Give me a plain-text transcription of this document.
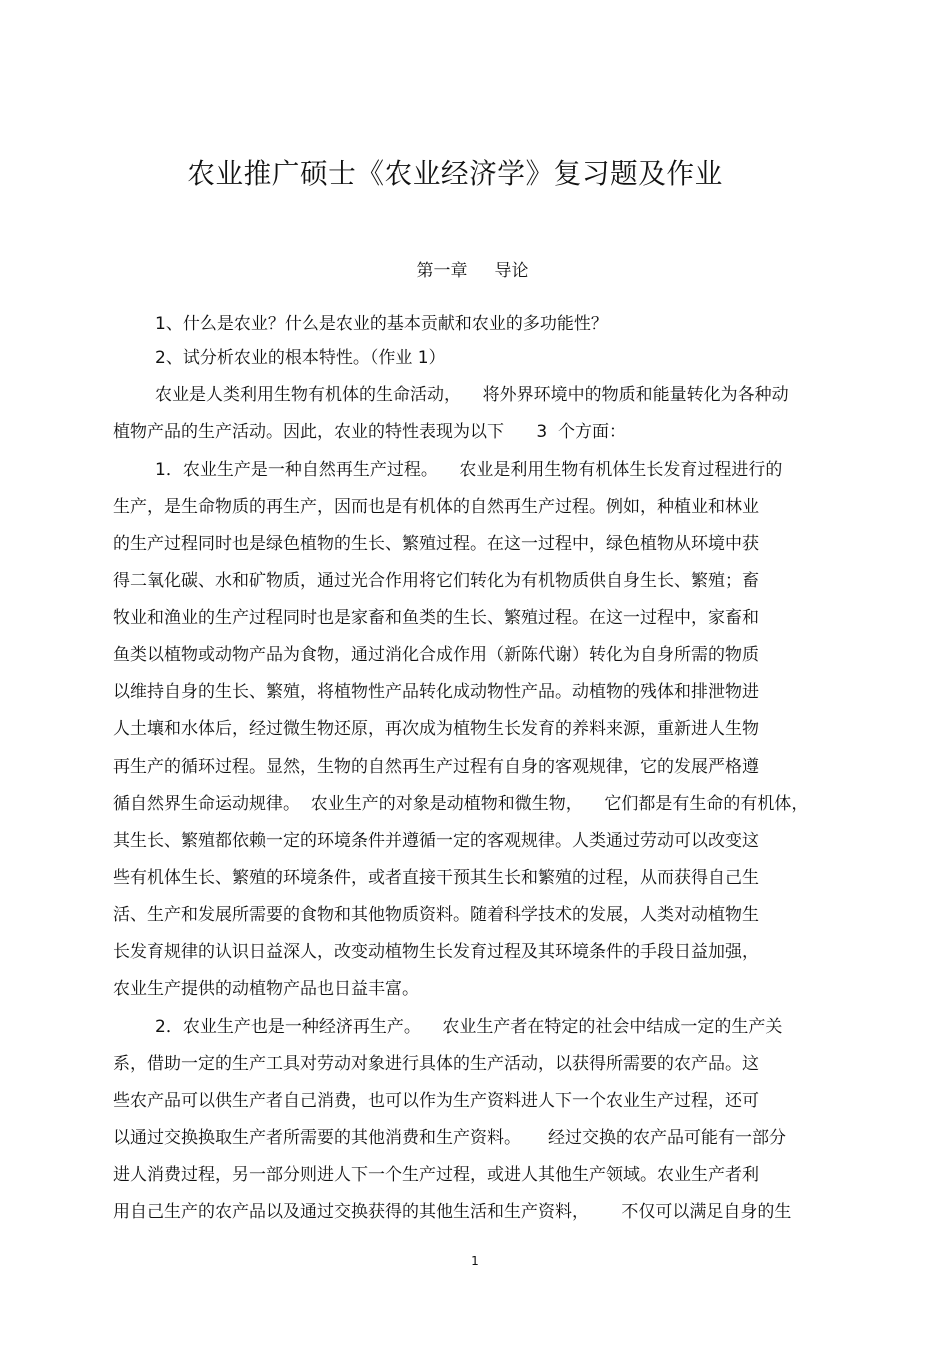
农业推广硕士《农业经济学》复习题及作业
第一章     导论
1、什么是农业？什么是农业的基本贡献和农业的多功能性？
2、试分析农业的根本特性。（作业 1）
农业是人类利用生物有机体的生命活动，    将外界环境中的物质和能量转化为各种动
植物产品的生产活动。因此，农业的特性表现为以下      3  个方面：
1．农业生产是一种自然再生产过程。    农业是利用生物有机体生长发育过程进行的
生产，是生命物质的再生产，因而也是有机体的自然再生产过程。例如，种植业和林业
的生产过程同时也是绿色植物的生长、繁殖过程。在这一过程中，绿色植物从环境中获
得二氧化碳、水和矿物质，通过光合作用将它们转化为有机物质供自身生长、繁殖；畜
牧业和渔业的生产过程同时也是家畜和鱼类的生长、繁殖过程。在这一过程中，家畜和
鱼类以植物或动物产品为食物，通过消化合成作用（新陈代谢）转化为自身所需的物质
以维持自身的生长、繁殖，将植物性产品转化成动物性产品。动植物的残体和排泄物进
人土壤和水体后，经过微生物还原，再次成为植物生长发育的养料来源，重新进人生物
再生产的循环过程。显然，生物的自然再生产过程有自身的客观规律，它的发展严格遵
循自然界生命运动规律。  农业生产的对象是动植物和微生物，    它们都是有生命的有机体，
其生长、繁殖都依赖一定的环境条件并遵循一定的客观规律。人类通过劳动可以改变这
些有机体生长、繁殖的环境条件，或者直接干预其生长和繁殖的过程，从而获得自己生
活、生产和发展所需要的食物和其他物质资料。随着科学技术的发展，人类对动植物生
长发育规律的认识日益深人，改变动植物生长发育过程及其环境条件的手段日益加强，
农业生产提供的动植物产品也日益丰富。
2．农业生产也是一种经济再生产。    农业生产者在特定的社会中结成一定的生产关
系，借助一定的生产工具对劳动对象进行具体的生产活动，以获得所需要的农产品。这
些农产品可以供生产者自己消费，也可以作为生产资料进人下一个农业生产过程，还可
以通过交换换取生产者所需要的其他消费和生产资料。     经过交换的农产品可能有一部分
进人消费过程，另一部分则进人下一个生产过程，或进人其他生产领域。农业生产者利
用自己生产的农产品以及通过交换获得的其他生活和生产资料，      不仅可以满足自身的生
1
